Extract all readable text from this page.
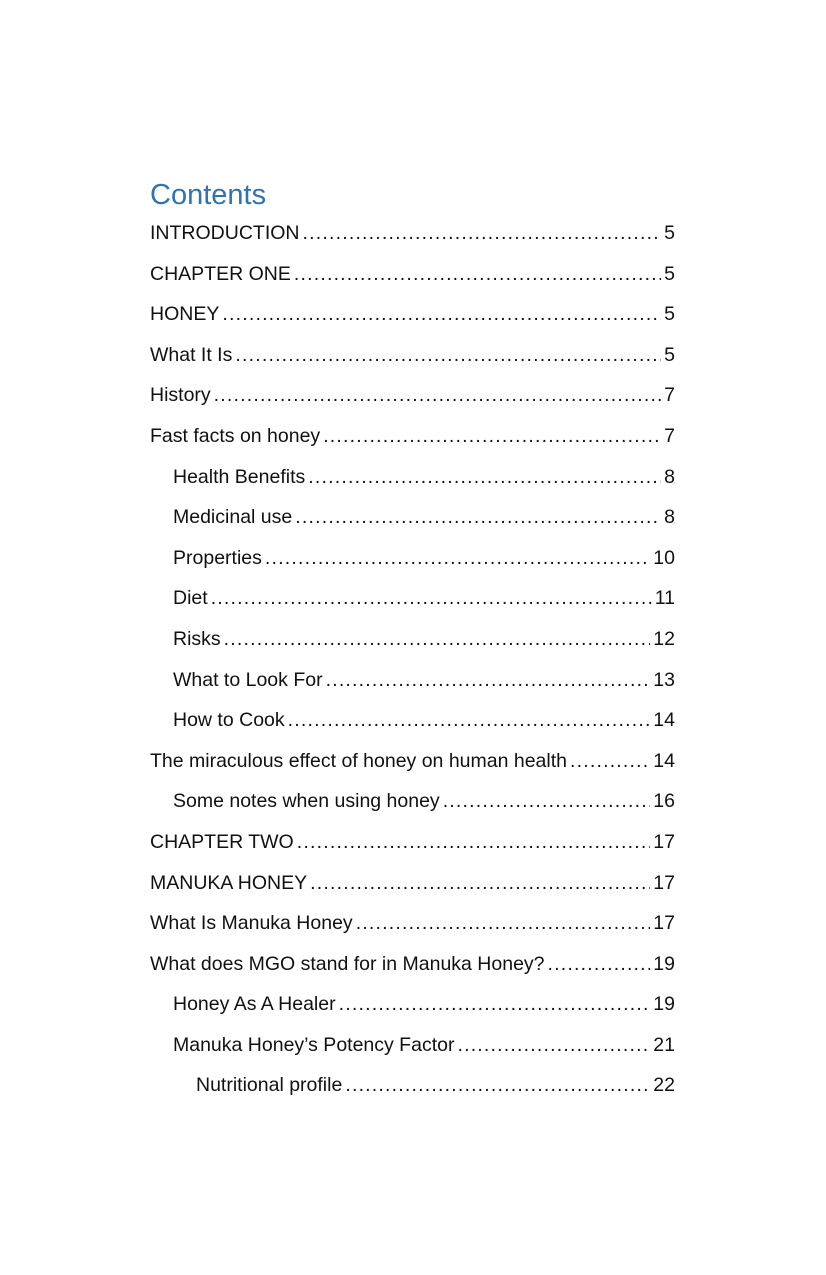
Contents
INTRODUCTION .....	5
CHAPTER ONE .....	5
HONEY .....	5
What It Is .....	5
History .....	7
Fast facts on honey .....	7
Health Benefits .....	8
Medicinal use .....	8
Properties .....	10
Diet .....	11
Risks .....	12
What to Look For .....	13
How to Cook .....	14
The miraculous effect of honey on human health .....	14
Some notes when using honey .....	16
CHAPTER TWO .....	17
MANUKA HONEY .....	17
What Is Manuka Honey .....	17
What does MGO stand for in Manuka Honey? .....	19
Honey As A Healer .....	19
Manuka Honey’s Potency Factor .....	21
Nutritional profile .....	22
